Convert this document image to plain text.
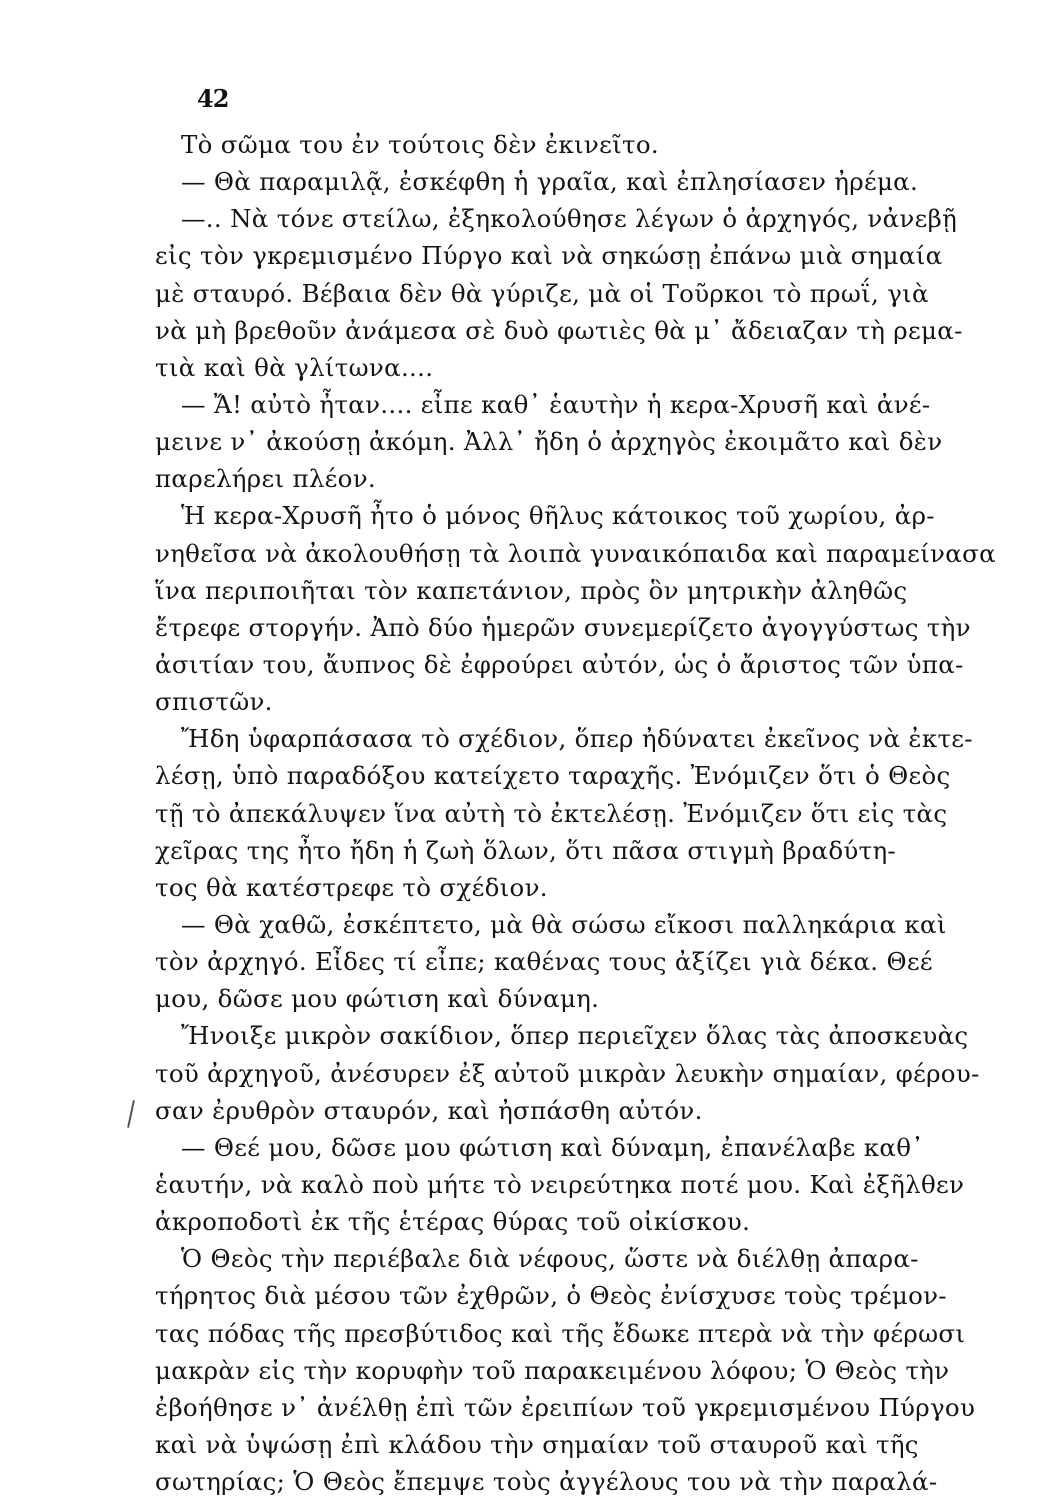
42
Τὸ σῶμα του ἐν τούτοις δὲν ἐκινεῖτο.
— Θὰ παραμιλᾷ, ἐσκέφθη ἡ γραῖα, καὶ ἐπλησίασεν ἠρέμα.
—.. Νὰ τόνε στείλω, ἐξηκολούθησε λέγων ὁ ἀρχηγός, νἀνεβῇ
εἰς τὸν γκρεμισμένο Πύργο καὶ νὰ σηκώσῃ ἐπάνω μιὰ σημαία
μὲ σταυρό. Βέβαια δὲν θὰ γύριζε, μὰ οἱ Τοῦρκοι τὸ πρωΐ, γιὰ
νὰ μὴ βρεθοῦν ἀνάμεσα σὲ δυὸ φωτιὲς θὰ μ᾽ ἄδειαζαν τὴ ρεμα-
τιὰ καὶ θὰ γλίτωνα....
— Ἄ! αὐτὸ ἦταν.... εἶπε καθ᾽ ἑαυτὴν ἡ κερα-Χρυσῆ καὶ ἀνέ-
μεινε ν᾽ ἀκούσῃ ἀκόμη. Ἀλλ᾽ ἤδη ὁ ἀρχηγὸς ἐκοιμᾶτο καὶ δὲν
παρελήρει πλέον.
Ἡ κερα-Χρυσῆ ἦτο ὁ μόνος θῆλυς κάτοικος τοῦ χωρίου, ἀρ-
νηθεῖσα νὰ ἀκολουθήσῃ τὰ λοιπὰ γυναικόπαιδα καὶ παραμείνασα
ἵνα περιποιῆται τὸν καπετάνιον, πρὸς ὃν μητρικὴν ἀληθῶς
ἔτρεφε στοργήν. Ἀπὸ δύο ἡμερῶν συνεμερίζετο ἀγογγύστως τὴν
ἀσιτίαν του, ἄυπνος δὲ ἐφρούρει αὐτόν, ὡς ὁ ἄριστος τῶν ὑπα-
σπιστῶν.
Ἤδη ὑφαρπάσασα τὸ σχέδιον, ὅπερ ἠδύνατει ἐκεῖνος νὰ ἐκτε-
λέσῃ, ὑπὸ παραδόξου κατείχετο ταραχῆς. Ἐνόμιζεν ὅτι ὁ Θεὸς
τῇ τὸ ἀπεκάλυψεν ἵνα αὐτὴ τὸ ἐκτελέσῃ. Ἐνόμιζεν ὅτι εἰς τὰς
χεῖρας της ἦτο ἤδη ἡ ζωὴ ὅλων, ὅτι πᾶσα στιγμὴ βραδύτη-
τος θὰ κατέστρεφε τὸ σχέδιον.
— Θὰ χαθῶ, ἐσκέπτετο, μὰ θὰ σώσω εἴκοσι παλληκάρια καὶ
τὸν ἀρχηγό. Εἶδες τί εἶπε; καθένας τους ἀξίζει γιὰ δέκα. Θεέ
μου, δῶσε μου φώτιση καὶ δύναμη.
Ἤνοιξε μικρὸν σακίδιον, ὅπερ περιεῖχεν ὅλας τὰς ἀποσκευὰς
τοῦ ἀρχηγοῦ, ἀνέσυρεν ἐξ αὐτοῦ μικρὰν λευκὴν σημαίαν, φέρου-
σαν ἐρυθρὸν σταυρόν, καὶ ἠσπάσθη αὐτόν.
— Θεέ μου, δῶσε μου φώτιση καὶ δύναμη, ἐπανέλαβε καθ᾽
ἑαυτήν, νὰ καλὸ ποὺ μήτε τὸ νειρεύτηκα ποτέ μου. Καὶ ἐξῆλθεν
ἀκροποδοτὶ ἐκ τῆς ἑτέρας θύρας τοῦ οἰκίσκου.
Ὁ Θεὸς τὴν περιέβαλε διὰ νέφους, ὥστε νὰ διέλθῃ ἀπαρα-
τήρητος διὰ μέσου τῶν ἐχθρῶν, ὁ Θεὸς ἐνίσχυσε τοὺς τρέμον-
τας πόδας τῆς πρεσβύτιδος καὶ τῆς ἔδωκε πτερὰ νὰ τὴν φέρωσι
μακρὰν εἰς τὴν κορυφὴν τοῦ παρακειμένου λόφου; Ὁ Θεὸς τὴν
ἐβοήθησε ν᾽ ἀνέλθῃ ἐπὶ τῶν ἐρειπίων τοῦ γκρεμισμένου Πύργου
καὶ νὰ ὑψώσῃ ἐπὶ κλάδου τὴν σημαίαν τοῦ σταυροῦ καὶ τῆς
σωτηρίας; Ὁ Θεὸς ἔπεμψε τοὺς ἀγγέλους του νὰ τὴν παραλά-
